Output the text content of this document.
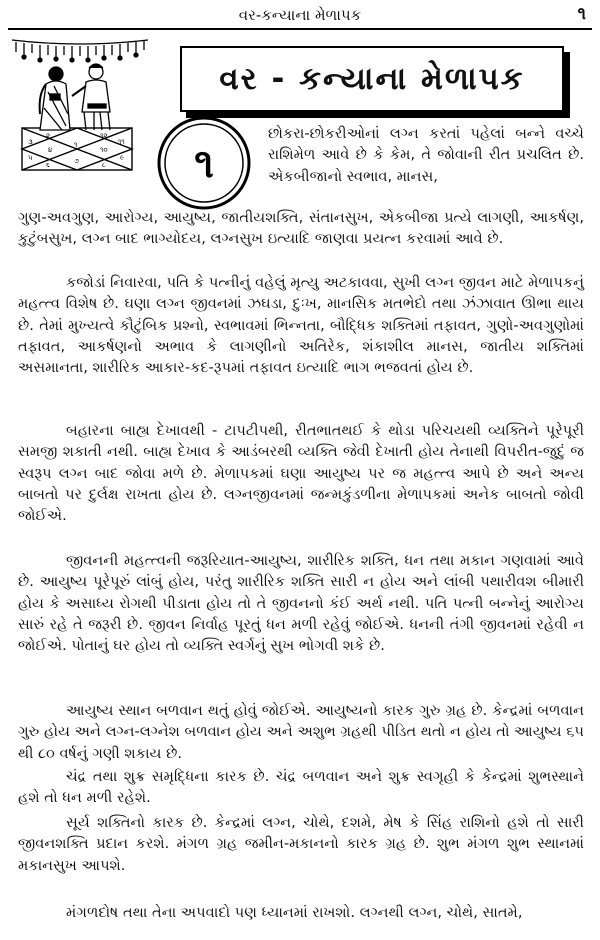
વર-કન્યાના મેળાપક	૧
૧
૨
૩
૪
૫
૬	૭	૮
૯
૧૦
૧૧
૧૨
વર - કન્યાના મેળાપક
૧

છોકરા-છોકરીઓનાં લગ્ન કરતાં પહેલાં બન્ને વચ્ચે રાશિમેળ આવે છે કે કેમ, તે જોવાની રીત પ્રચલિત છે. એકબીજાનો સ્વભાવ, માનસ,

ગુણ-અવગુણ, આરોગ્ય, આયુષ્ય, જાતીયશક્તિ, સંતાનસુખ, એકબીજા પ્રત્યે લાગણી, આકર્ષણ, કુટુંબસુખ, લગ્ન બાદ ભાગ્યોદય, લગ્નસુખ ઇત્યાદિ જાણવા પ્રયત્ન કરવામાં આવે છે.

કજોડાં નિવારવા, પતિ કે પત્નીનું વહેલું મૃત્યુ અટકાવવા, સુખી લગ્ન જીવન માટે મેળાપકનું મહત્ત્વ વિશેષ છે. ઘણા લગ્ન જીવનમાં ઝઘડા, દુઃખ, માનસિક મતભેદો તથા ઝંઝાવાત ઊભા થાય છે. તેમાં મુખ્યત્વે કૌટુંબિક પ્રશ્નો, સ્વભાવમાં ભિન્નતા, બૌદ્ધિક શક્તિમાં તફાવત, ગુણો-અવગુણોમાં તફાવત, આકર્ષણનો અભાવ કે લાગણીનો અતિરેક, શંકાશીલ માનસ, જાતીય શક્તિમાં અસમાનતા, શારીરિક આકાર-કદ-રૂપમાં તફાવત ઇત્યાદિ ભાગ ભજવતાં હોય છે.

બહારના બાહ્ય દેખાવથી - ટાપટીપથી, રીતભાતથઈ કે થોડા પરિચયથી વ્યક્તિને પૂરેપૂરી સમજી શકાતી નથી. બાહ્ય દેખાવ કે આડંબરથી વ્યક્તિ જેવી દેખાતી હોય તેનાથી વિપરીત-જુદું જ સ્વરૂપ લગ્ન બાદ જોવા મળે છે. મેળાપકમાં ઘણા આયુષ્ય પર જ મહત્ત્વ આપે છે અને અન્ય બાબતો પર દુર્લક્ષ રાખતા હોય છે. લગ્નજીવનમાં જન્મકુંડળીના મેળાપકમાં અનેક બાબતો જોવી જોઈએ.

જીવનની મહત્ત્વની જરૂરિયાત-આયુષ્ય, શારીરિક શક્તિ, ધન તથા મકાન ગણવામાં આવે છે. આયુષ્ય પૂરેપૂરું લાંબું હોય, પરંતુ શારીરિક શક્તિ સારી ન હોય અને લાંબી પથારીવશ બીમારી હોય કે અસાધ્ય રોગથી પીડાતા હોય તો તે જીવનનો કંઈ અર્થ નથી. પતિ પત્ની બન્નેનું આરોગ્ય સારું રહે તે જરૂરી છે. જીવન નિર્વાહ પૂરતું ધન મળી રહેવું જોઈએ. ધનની તંગી જીવનમાં રહેવી ન જોઈએ. પોતાનું ઘર હોય તો વ્યક્તિ સ્વર્ગનું સુખ ભોગવી શકે છે.

આયુષ્ય સ્થાન બળવાન થતું હોવું જોઈએ. આયુષ્યનો કારક ગુરુ ગ્રહ છે. કેન્દ્રમાં બળવાન ગુરુ હોય અને લગ્ન-લગ્નેશ બળવાન હોય અને અશુભ ગ્રહથી પીડિત થતો ન હોય તો આયુષ્ય ૬૫ થી ૮૦ વર્ષનું ગણી શકાય છે.

ચંદ્ર તથા શુક્ર સમૃદ્ધિના કારક છે. ચંદ્ર બળવાન અને શુક્ર સ્વગૃહી કે કેન્દ્રમાં શુભસ્થાને હશે તો ધન મળી રહેશે.

સૂર્ય શક્તિનો કારક છે. કેન્દ્રમાં લગ્ન, ચોથે, દશમે, મેષ કે સિંહ રાશિનો હશે તો સારી જીવનશક્તિ પ્રદાન કરશે. મંગળ ગ્રહ જમીન-મકાનનો કારક ગ્રહ છે. શુભ મંગળ શુભ સ્થાનમાં મકાનસુખ આપશે.

મંગળદોષ તથા તેના અપવાદો પણ ધ્યાનમાં રાખશો. લગ્નથી લગ્ન, ચોથે, સાતમે,
